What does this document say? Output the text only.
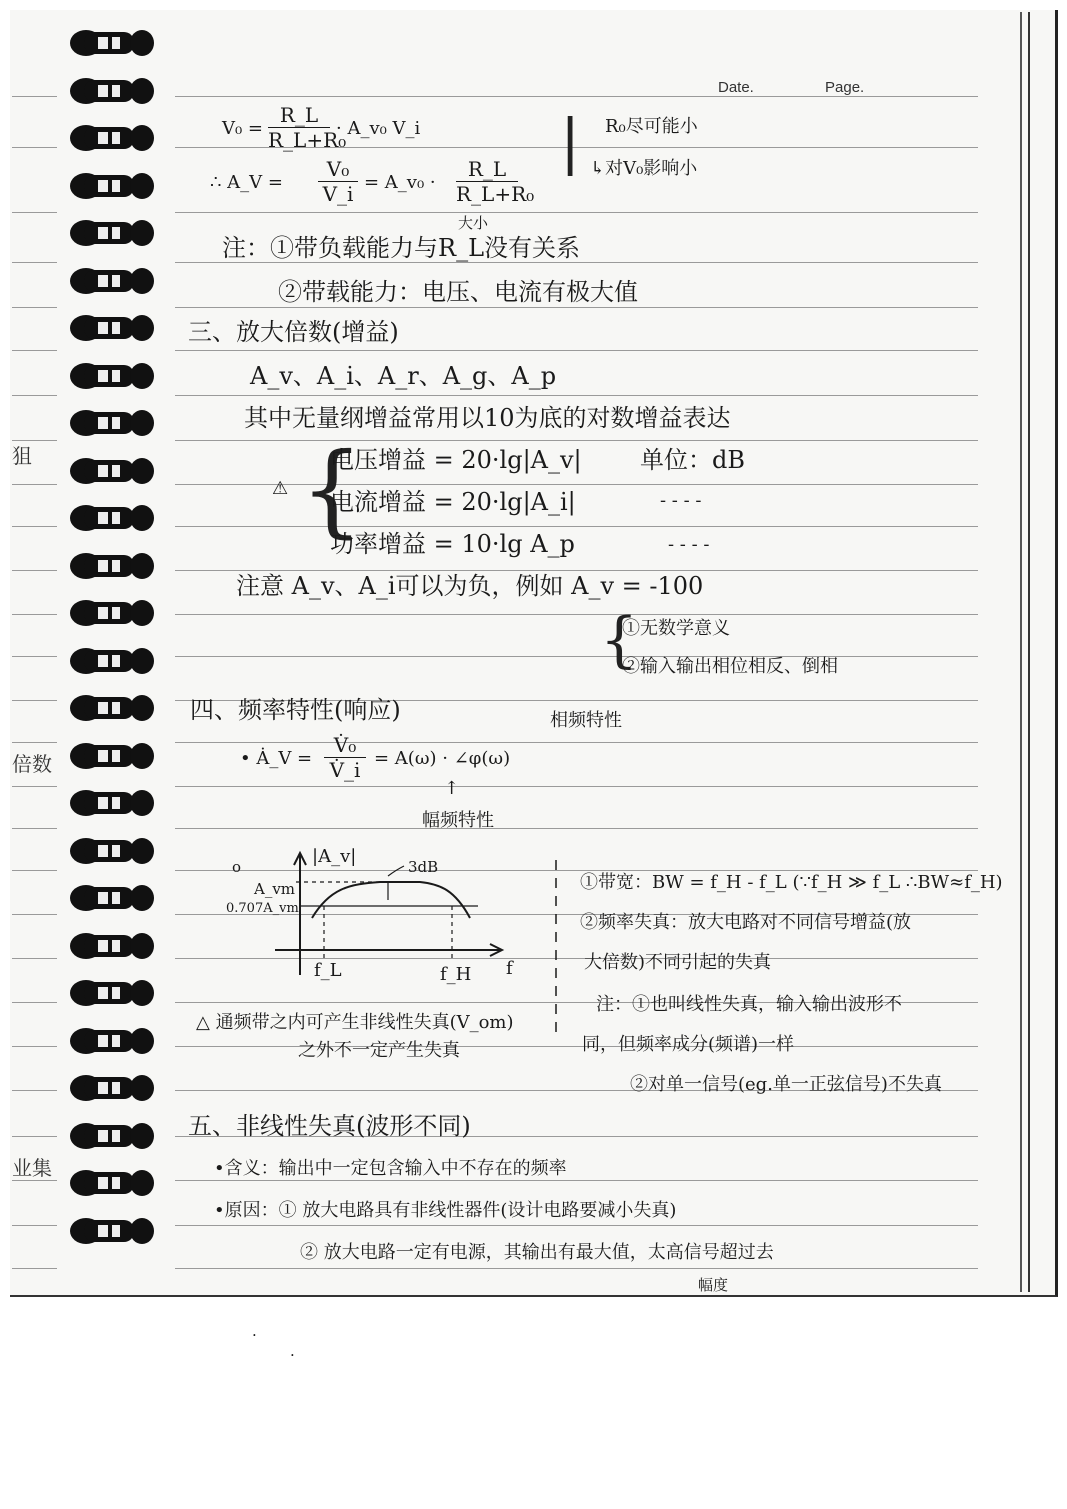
Date.	Page.
狙
倍数
业集
V₀ =
R_L
R_L+R₀
· A_v₀ V_i
∴ A_V =
V₀
V_i = A_v₀ ·
R_L
R_L+R₀
| R₀尽可能小
↳对V₀影响小
大小
注：①带负载能力与R_L没有关系
②带载能力：电压、电流有极大值
三、放大倍数(增益)
A_v、A_i、A_r、A_g、A_p
其中无量纲增益常用以10为底的对数增益表达
{
⚠
电压增益 = 20·lg|A_v| 单位：dB
电流增益 = 20·lg|A_i|	- - - -
功率增益 = 10·lg A_p	- - - -
注意 A_v、A_i可以为负，例如 A_v = -100
{
①无数学意义
②输入输出相位相反、倒相
四、频率特性(响应)	相频特性
• Ȧ_V =
V̇₀
V̇_i = A(ω) · ∠φ(ω)
↑
幅频特性
o	|A_v|
A_vm
0.707A_vm
3dB
f_L	f_H f
①带宽：BW = f_H - f_L (∵f_H ≫ f_L ∴BW≈f_H)
②频率失真：放大电路对不同信号增益(放
大倍数)不同引起的失真
注：①也叫线性失真，输入输出波形不
同，但频率成分(频谱)一样
②对单一信号(eg.单一正弦信号)不失真
△ 通频带之内可产生非线性失真(V_om)
之外不一定产生失真
五、非线性失真(波形不同)
•含义：输出中一定包含输入中不存在的频率
•原因：① 放大电路具有非线性器件(设计电路要减小失真)
② 放大电路一定有电源，其输出有最大值，太高信号超过去
幅度
·
·
